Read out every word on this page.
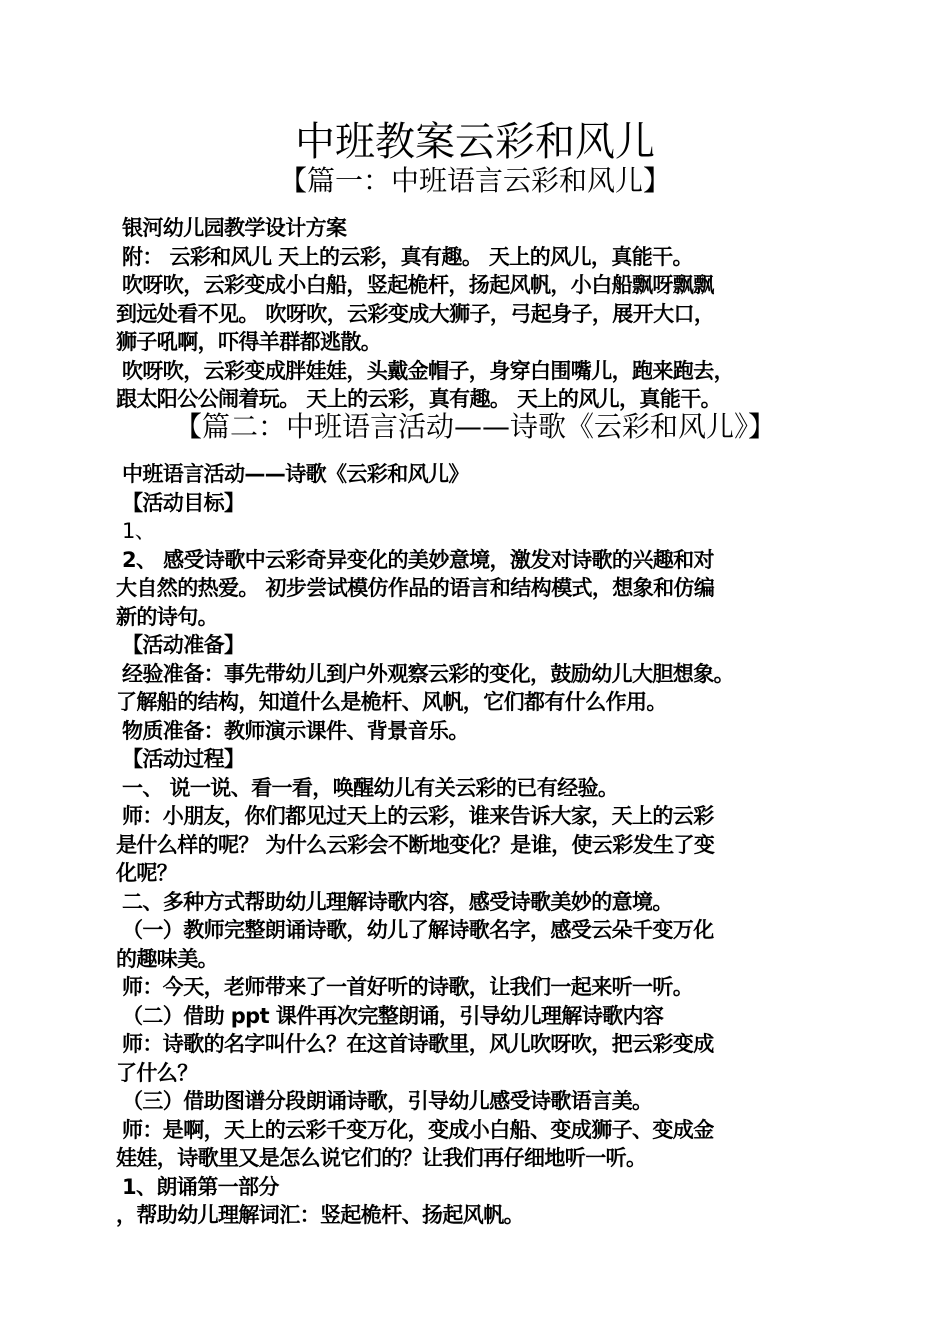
中班教案云彩和风儿
【篇一：中班语言云彩和风儿】
银河幼儿园教学设计方案
附： 云彩和风儿 天上的云彩，真有趣。 天上的风儿，真能干。
吹呀吹，云彩变成小白船，竖起桅杆，扬起风帆，小白船飘呀飘飘
到远处看不见。 吹呀吹，云彩变成大狮子，弓起身子，展开大口，
狮子吼啊，吓得羊群都逃散。
吹呀吹，云彩变成胖娃娃，头戴金帽子，身穿白围嘴儿，跑来跑去，
跟太阳公公闹着玩。 天上的云彩，真有趣。 天上的风儿，真能干。
【篇二：中班语言活动——诗歌《云彩和风儿》】
中班语言活动——诗歌《云彩和风儿》
【活动目标】
1、
2、 感受诗歌中云彩奇异变化的美妙意境，激发对诗歌的兴趣和对
大自然的热爱。 初步尝试模仿作品的语言和结构模式，想象和仿编
新的诗句。
【活动准备】
经验准备：事先带幼儿到户外观察云彩的变化，鼓励幼儿大胆想象。
了解船的结构，知道什么是桅杆、风帆，它们都有什么作用。
物质准备：教师演示课件、背景音乐。
【活动过程】
一、 说一说、看一看，唤醒幼儿有关云彩的已有经验。
师：小朋友，你们都见过天上的云彩，谁来告诉大家，天上的云彩
是什么样的呢？ 为什么云彩会不断地变化？是谁，使云彩发生了变
化呢？
二、多种方式帮助幼儿理解诗歌内容，感受诗歌美妙的意境。
（一）教师完整朗诵诗歌，幼儿了解诗歌名字，感受云朵千变万化
的趣味美。
师：今天，老师带来了一首好听的诗歌，让我们一起来听一听。
（二）借助 ppt 课件再次完整朗诵，引导幼儿理解诗歌内容
师：诗歌的名字叫什么？在这首诗歌里，风儿吹呀吹，把云彩变成
了什么？
（三）借助图谱分段朗诵诗歌，引导幼儿感受诗歌语言美。
师：是啊，天上的云彩千变万化，变成小白船、变成狮子、变成金
娃娃，诗歌里又是怎么说它们的？让我们再仔细地听一听。
1、朗诵第一部分
，帮助幼儿理解词汇：竖起桅杆、扬起风帆。
